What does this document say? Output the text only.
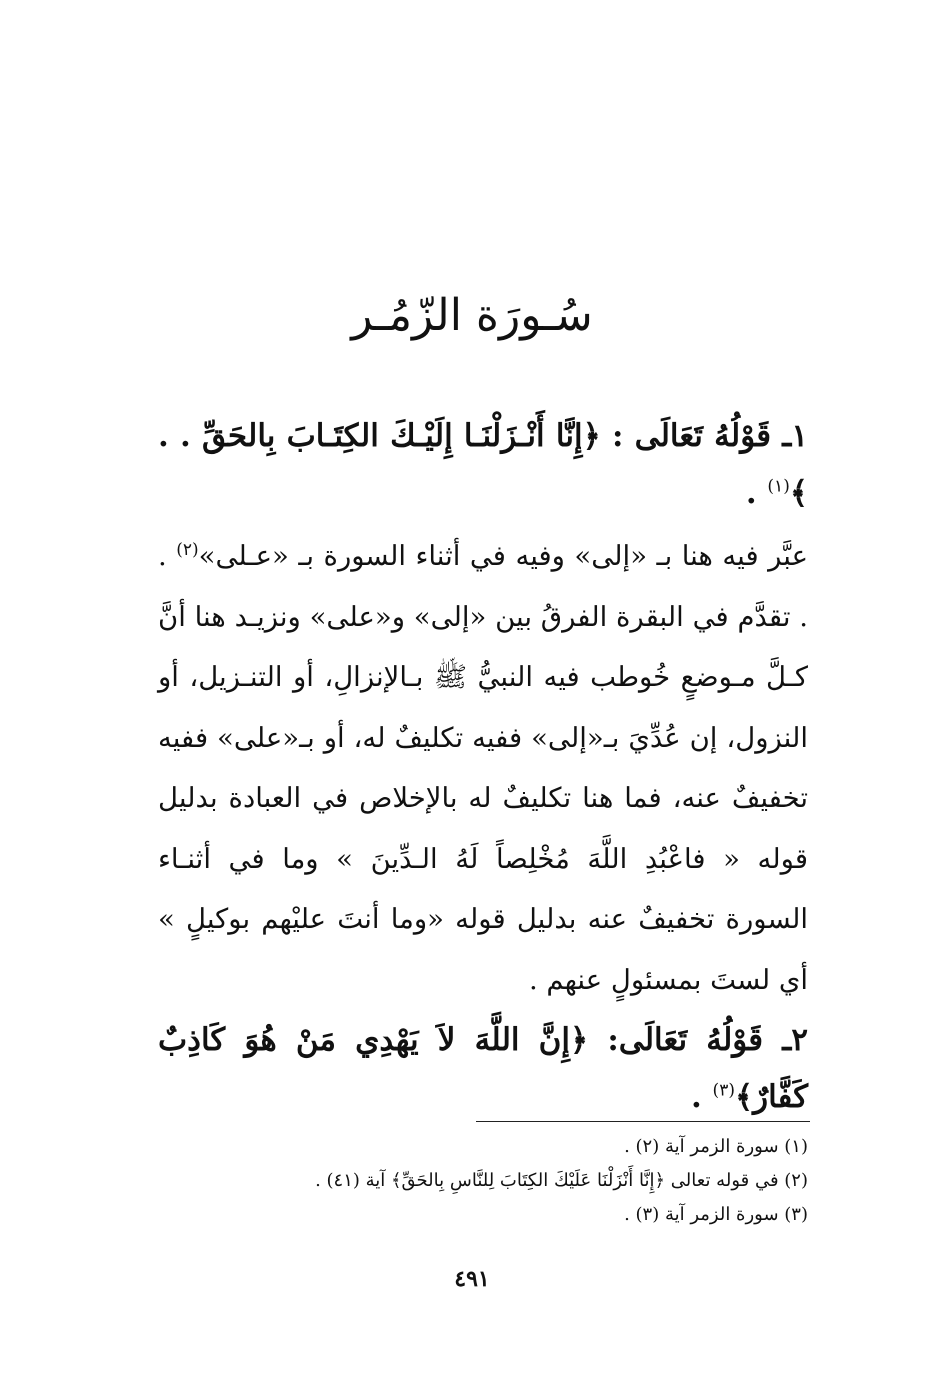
سُـورَة الزّمُـر

١ـ قَوْلُهُ تَعَالَى : ﴿إِنَّا أَنْـزَلْنَـا إِلَيْـكَ الكِتَـابَ بِالحَقِّ . . ﴾$^{(١)}$ .

عبَّر فيه هنا بـ «إلى» وفيه في أثناء السورة بـ «عـلى»$^{(٢)}$ . . تقدَّم في البقرة الفرقُ بين «إلى» و«على» ونزيـد هنا أنَّ كـلَّ مـوضعٍ خُوطب فيه النبيُّ ﷺ بـالإنزالِ، أو التنـزيل، أو النزول، إن عُدِّيَ بـ«إلى» ففيه تكليفٌ له، أو بـ«على» ففيه تخفيفٌ عنه، فما هنا تكليفٌ له بالإخلاص في العبادة بدليل قوله « فاعْبُدِ اللَّهَ مُخْلِصاً لَهُ الـدِّينَ » وما في أثنـاء السورة تخفيفٌ عنه بدليل قوله «وما أنتَ عليْهم بوكيلٍ » أي لستَ بمسئولٍ عنهم .

٢ـ قَوْلُهُ تَعَالَى: ﴿إِنَّ اللَّهَ لاَ يَهْدِي مَنْ هُوَ كَاذِبٌ كَفَّارٌ﴾$^{(٣)}$ .

(١) سورة الزمر آية (٢) .

(٢) في قوله تعالى ﴿إِنَّا أَنْزَلْنَا عَلَيْكَ الكِتَابَ لِلنَّاسِ بِالحَقِّ﴾ آية (٤١) .

(٣) سورة الزمر آية (٣) .

٤٩١
